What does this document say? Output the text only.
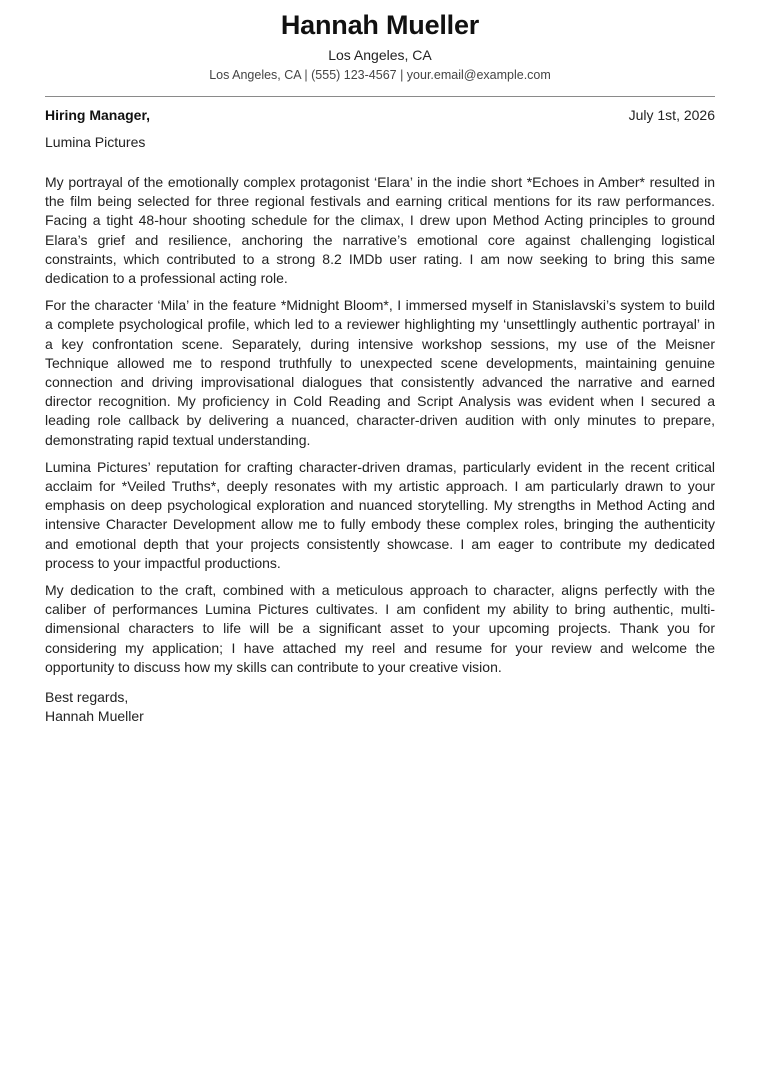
Hannah Mueller
Los Angeles, CA
Los Angeles, CA | (555) 123-4567 | your.email@example.com
Hiring Manager,	July 1st, 2026
Lumina Pictures

My portrayal of the emotionally complex protagonist ‘Elara’ in the indie short *Echoes in Amber* resulted in the film being selected for three regional festivals and earning critical mentions for its raw performances. Facing a tight 48-hour shooting schedule for the climax, I drew upon Method Acting principles to ground Elara’s grief and resilience, anchoring the narrative’s emotional core against challenging logistical constraints, which contributed to a strong 8.2 IMDb user rating. I am now seeking to bring this same dedication to a professional acting role.

For the character ‘Mila’ in the feature *Midnight Bloom*, I immersed myself in Stanislavski’s system to build a complete psychological profile, which led to a reviewer highlighting my ‘unsettlingly authentic portrayal’ in a key confrontation scene. Separately, during intensive workshop sessions, my use of the Meisner Technique allowed me to respond truthfully to unexpected scene developments, maintaining genuine connection and driving improvisational dialogues that consistently advanced the narrative and earned director recognition. My proficiency in Cold Reading and Script Analysis was evident when I secured a leading role callback by delivering a nuanced, character-driven audition with only minutes to prepare, demonstrating rapid textual understanding.

Lumina Pictures’ reputation for crafting character-driven dramas, particularly evident in the recent critical acclaim for *Veiled Truths*, deeply resonates with my artistic approach. I am particularly drawn to your emphasis on deep psychological exploration and nuanced storytelling. My strengths in Method Acting and intensive Character Development allow me to fully embody these complex roles, bringing the authenticity and emotional depth that your projects consistently showcase. I am eager to contribute my dedicated process to your impactful productions.

My dedication to the craft, combined with a meticulous approach to character, aligns perfectly with the caliber of performances Lumina Pictures cultivates. I am confident my ability to bring authentic, multi-dimensional characters to life will be a significant asset to your upcoming projects. Thank you for considering my application; I have attached my reel and resume for your review and welcome the opportunity to discuss how my skills can contribute to your creative vision.

Best regards,
Hannah Mueller
